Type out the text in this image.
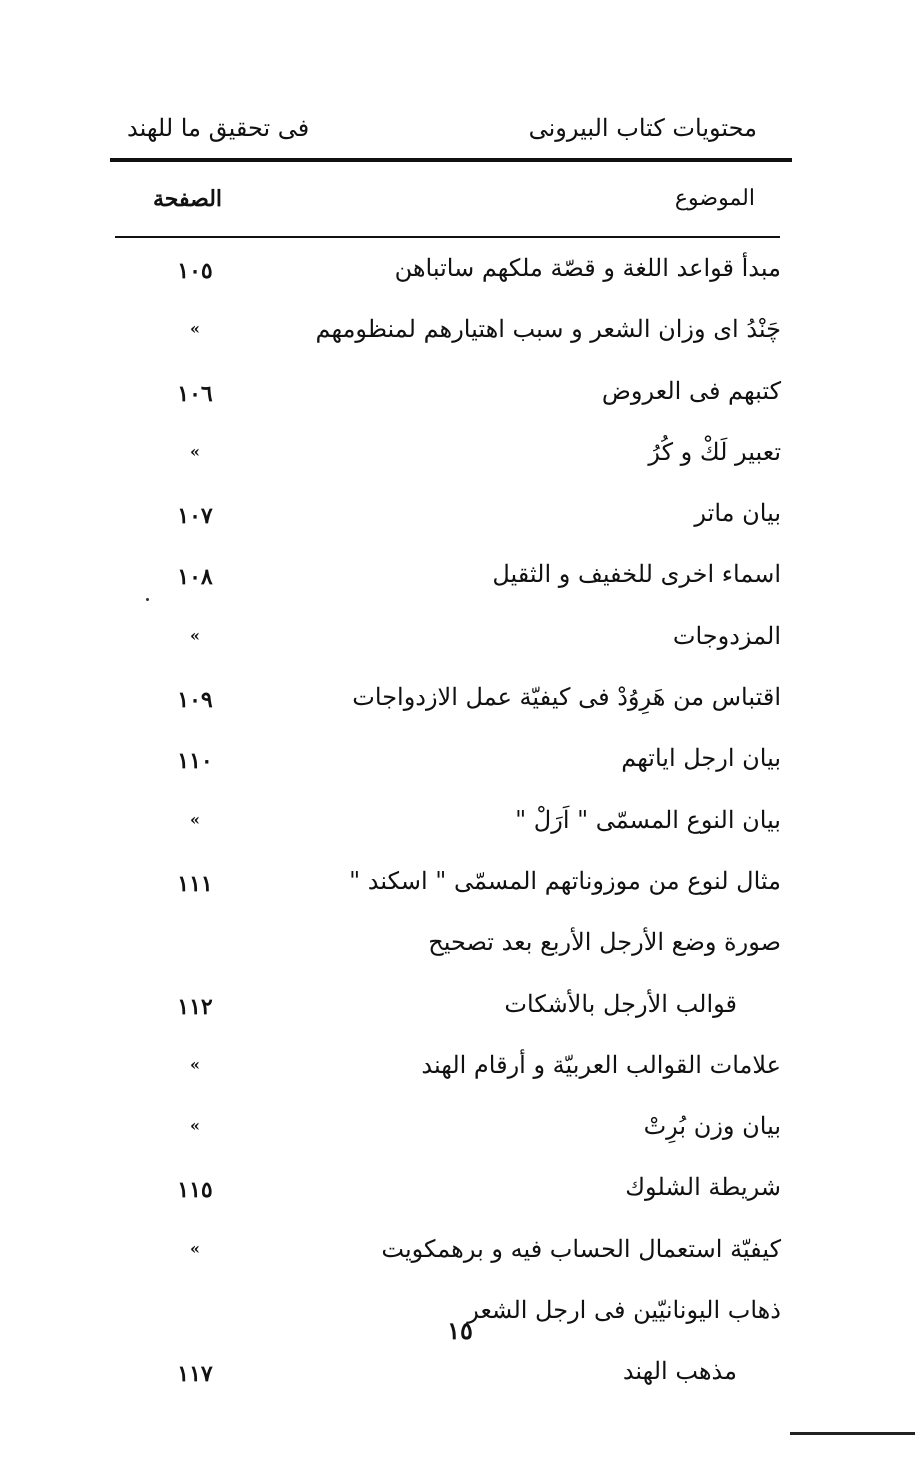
محتويات كتاب البيرونى
فى تحقيق ما للهند
الموضوع
الصفحة
مبدأ قواعد اللغة و قصّة ملكهم ساتباهن
١٠٥
چَنْدُ اى وزان الشعر و سبب اهتيارهم لمنظومهم
»
كتبهم فى العروض
١٠٦
تعبير لَكْ و كُرُ
»
بيان ماتر
١٠٧
اسماء اخرى للخفيف و الثقيل
١٠٨
المزدوجات
»
اقتباس من هَرِوُدْ فى كيفيّة عمل الازدواجات
١٠٩
بيان ارجل اياتهم
١١٠
بيان النوع المسمّى " اَرَلْ "
»
مثال لنوع من موزوناتهم المسمّى " اسكند "
١١١
صورة وضع الأرجل الأربع بعد تصحيح
قوالب الأرجل بالأشكات
١١٢
علامات القوالب العربيّة و أرقام الهند
»
بيان وزن بُرِتْ
»
شريطة الشلوك
١١٥
كيفيّة استعمال الحساب فيه و برهمكويت
»
ذهاب اليونانيّين فى ارجل الشعر
مذهب الهند
١١٧
١٥
